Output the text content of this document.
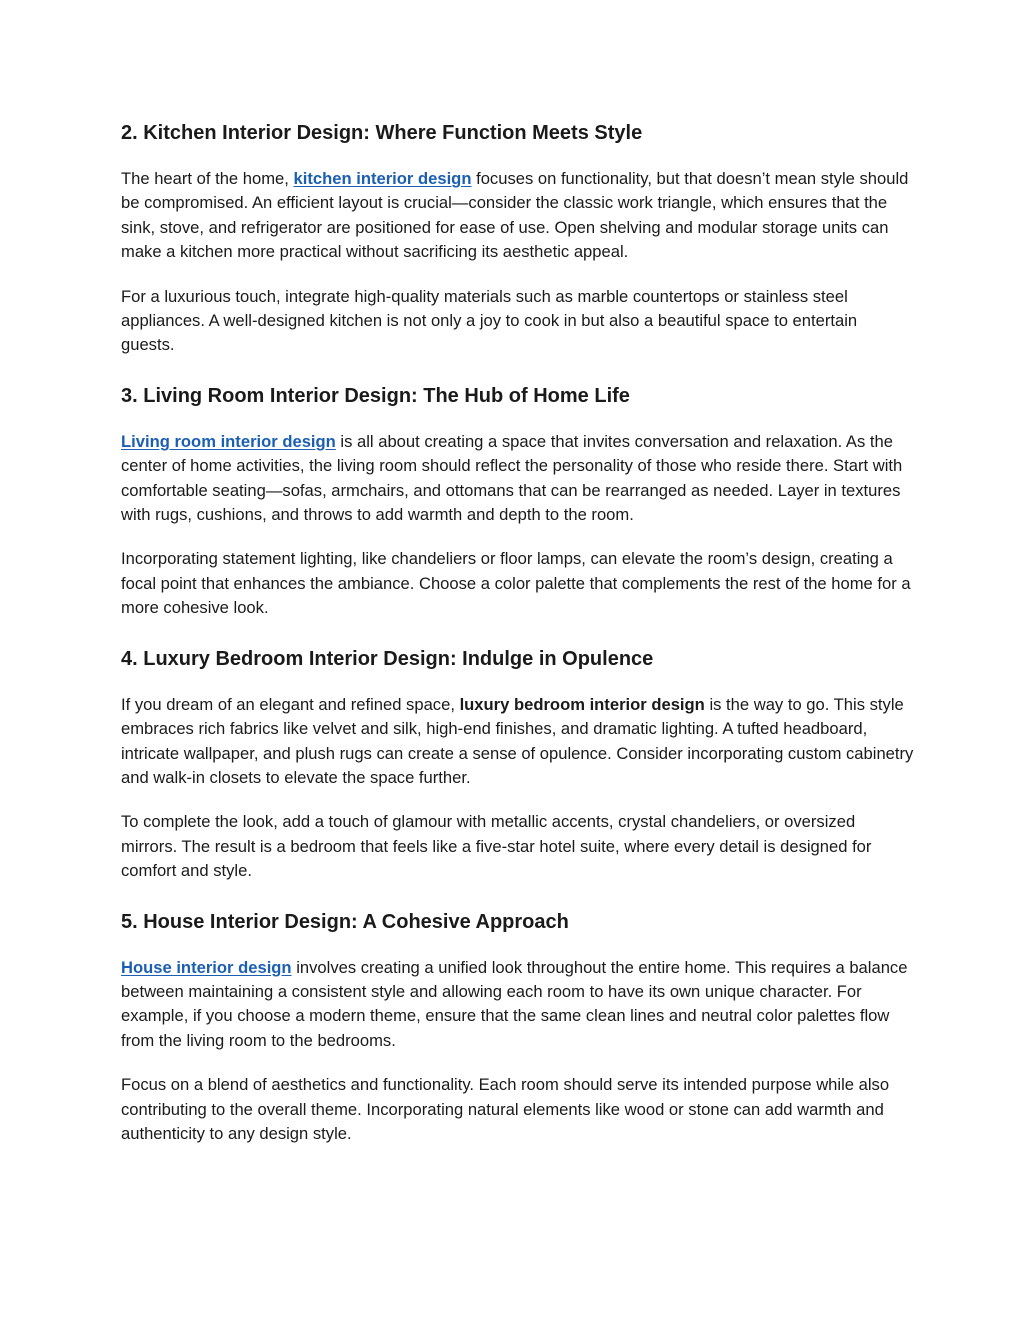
2. Kitchen Interior Design: Where Function Meets Style

The heart of the home, kitchen interior design focuses on functionality, but that doesn’t mean style should be compromised. An efficient layout is crucial—consider the classic work triangle, which ensures that the sink, stove, and refrigerator are positioned for ease of use. Open shelving and modular storage units can make a kitchen more practical without sacrificing its aesthetic appeal.

For a luxurious touch, integrate high-quality materials such as marble countertops or stainless steel appliances. A well-designed kitchen is not only a joy to cook in but also a beautiful space to entertain guests.

3. Living Room Interior Design: The Hub of Home Life

Living room interior design is all about creating a space that invites conversation and relaxation. As the center of home activities, the living room should reflect the personality of those who reside there. Start with comfortable seating—sofas, armchairs, and ottomans that can be rearranged as needed. Layer in textures with rugs, cushions, and throws to add warmth and depth to the room.

Incorporating statement lighting, like chandeliers or floor lamps, can elevate the room’s design, creating a focal point that enhances the ambiance. Choose a color palette that complements the rest of the home for a more cohesive look.

4. Luxury Bedroom Interior Design: Indulge in Opulence

If you dream of an elegant and refined space, luxury bedroom interior design is the way to go. This style embraces rich fabrics like velvet and silk, high-end finishes, and dramatic lighting. A tufted headboard, intricate wallpaper, and plush rugs can create a sense of opulence. Consider incorporating custom cabinetry and walk-in closets to elevate the space further.

To complete the look, add a touch of glamour with metallic accents, crystal chandeliers, or oversized mirrors. The result is a bedroom that feels like a five-star hotel suite, where every detail is designed for comfort and style.

5. House Interior Design: A Cohesive Approach

House interior design involves creating a unified look throughout the entire home. This requires a balance between maintaining a consistent style and allowing each room to have its own unique character. For example, if you choose a modern theme, ensure that the same clean lines and neutral color palettes flow from the living room to the bedrooms.

Focus on a blend of aesthetics and functionality. Each room should serve its intended purpose while also contributing to the overall theme. Incorporating natural elements like wood or stone can add warmth and authenticity to any design style.
